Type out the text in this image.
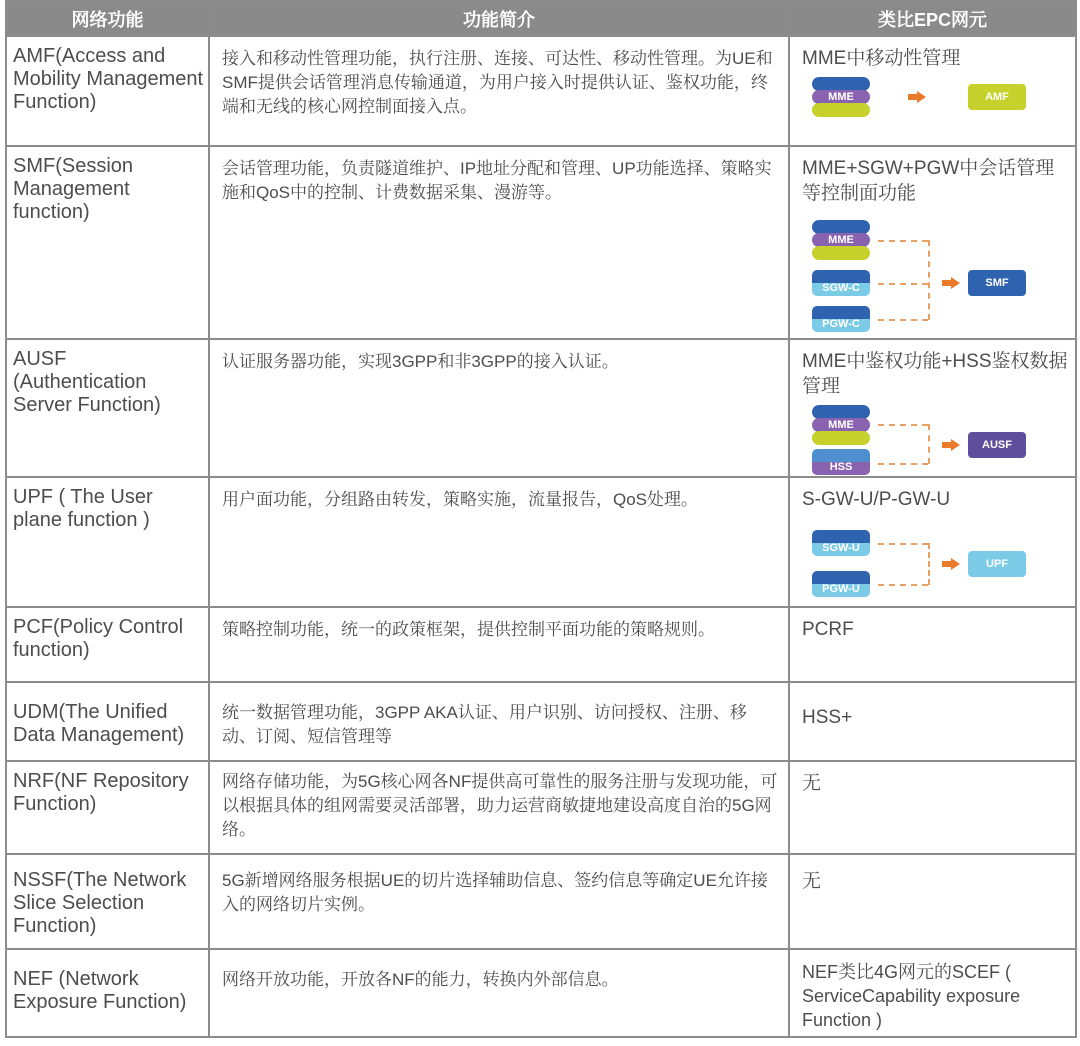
网络功能	功能简介	类比EPC网元
AMF(Access and Mobility Management Function)	接入和移动性管理功能，执行注册、连接、可达性、移动性管理。为UE和SMF提供会话管理消息传输通道，为用户接入时提供认证、鉴权功能，终端和无线的核心网控制面接入点。	MME中移动性管理
MME AMF

SMF(Session Management function)	会话管理功能，负责隧道维护、IP地址分配和管理、UP功能选择、策略实施和QoS中的控制、计费数据采集、漫游等。	MME+SGW+PGW中会话管理等控制面功能
MME
SGW-C
PGW-C
SMF

AUSF (Authentication Server Function)	认证服务器功能，实现3GPP和非3GPP的接入认证。	MME中鉴权功能+HSS鉴权数据管理
MME
HSS
AUSF

UPF ( The User plane function )	用户面功能，分组路由转发，策略实施，流量报告，QoS处理。	S-GW-U/P-GW-U
SGW-U
PGW-U
UPF

PCF(Policy Control function)	策略控制功能，统一的政策框架，提供控制平面功能的策略规则。	PCRF
UDM(The Unified Data Management)	统一数据管理功能，3GPP AKA认证、用户识别、访问授权、注册、移动、订阅、短信管理等	HSS+
NRF(NF Repository Function)	网络存储功能，为5G核心网各NF提供高可靠性的服务注册与发现功能，可以根据具体的组网需要灵活部署，助力运营商敏捷地建设高度自治的5G网络。	无
NSSF(The Network Slice Selection Function)	5G新增网络服务根据UE的切片选择辅助信息、签约信息等确定UE允许接入的网络切片实例。	无
NEF (Network Exposure Function)	网络开放功能，开放各NF的能力，转换内外部信息。	NEF类比4G网元的SCEF ( ServiceCapability exposure Function )
